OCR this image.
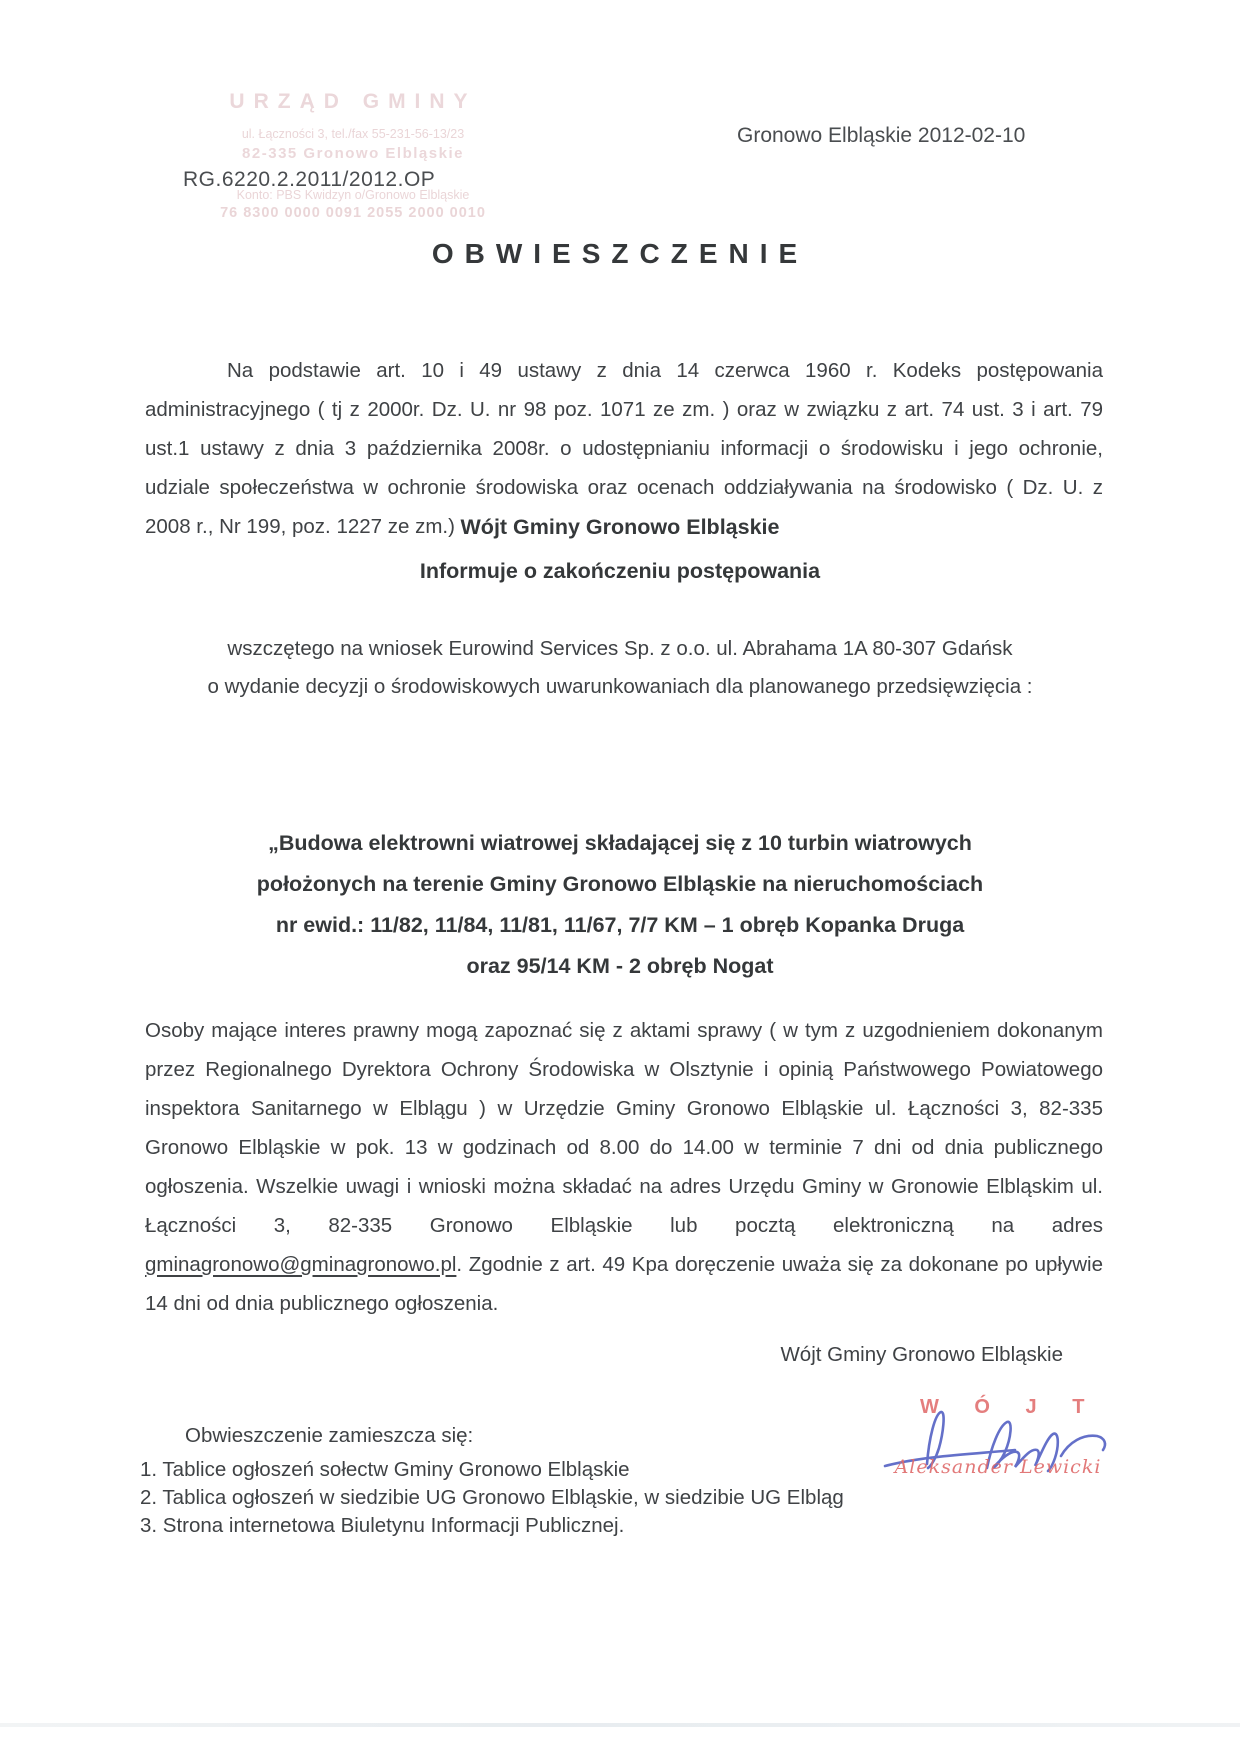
URZĄD GMINY
ul. Łączności 3, tel./fax 55-231-56-13/23
82-335 Gronowo Elbląskie
Konto: PBS Kwidzyn o/Gronowo Elbląskie
76 8300 0000 0091 2055 2000 0010
RG.6220.2.2011/2012.OP
Gronowo Elbląskie 2012-02-10
OBWIESZCZENIE

Na podstawie art. 10 i 49 ustawy z dnia 14 czerwca 1960 r. Kodeks postępowania administracyjnego ( tj z 2000r. Dz. U. nr 98 poz. 1071 ze zm. ) oraz w związku z art. 74 ust. 3 i art. 79 ust.1 ustawy z dnia 3 października 2008r. o udostępnianiu informacji o środowisku i jego ochronie, udziale społeczeństwa w ochronie środowiska oraz ocenach oddziaływania na środowisko ( Dz. U. z 2008 r., Nr 199, poz. 1227 ze zm.) Wójt Gminy Gronowo Elbląskie
Informuje o zakończeniu postępowania
wszczętego na wniosek Eurowind Services Sp. z o.o. ul. Abrahama 1A 80-307 Gdańsk
o wydanie decyzji o środowiskowych uwarunkowaniach dla planowanego przedsięwzięcia :
„Budowa elektrowni wiatrowej składającej się z 10 turbin wiatrowych
położonych na terenie Gminy Gronowo Elbląskie na nieruchomościach
nr ewid.: 11/82, 11/84, 11/81, 11/67, 7/7 KM – 1 obręb Kopanka Druga
oraz 95/14 KM - 2 obręb Nogat

Osoby mające interes prawny mogą zapoznać się z aktami sprawy ( w tym z uzgodnieniem dokonanym przez Regionalnego Dyrektora Ochrony Środowiska w Olsztynie i opinią Państwowego Powiatowego inspektora Sanitarnego w Elblągu ) w Urzędzie Gminy Gronowo Elbląskie ul. Łączności 3, 82-335 Gronowo Elbląskie w pok. 13 w godzinach od 8.00 do 14.00 w terminie 7 dni od dnia publicznego ogłoszenia. Wszelkie uwagi i wnioski można składać na adres Urzędu Gminy w Gronowie Elbląskim ul. Łączności 3, 82-335 Gronowo Elbląskie lub pocztą elektroniczną na adres gminagronowo@gminagronowo.pl. Zgodnie z art. 49 Kpa doręczenie uważa się za dokonane po upływie 14 dni od dnia publicznego ogłoszenia.

Wójt Gminy Gronowo Elbląskie
Obwieszczenie zamieszcza się:
1. Tablice ogłoszeń sołectw Gminy Gronowo Elbląskie
2. Tablica ogłoszeń w siedzibie UG Gronowo Elbląskie, w siedzibie UG Elbląg
3. Strona internetowa Biuletynu Informacji Publicznej.
W Ó J T
Aleksander Lewicki
